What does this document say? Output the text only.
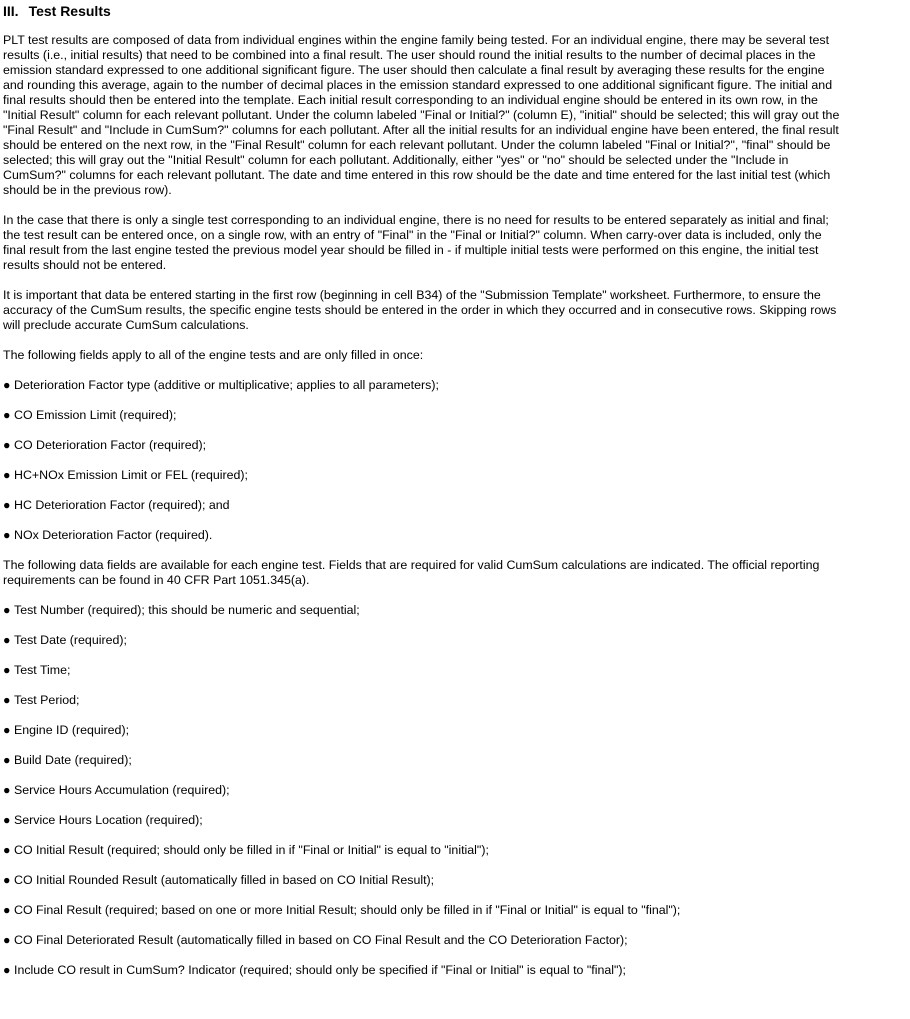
III. Test Results
PLT test results are composed of data from individual engines within the engine family being tested. For an individual engine, there may be several test
results (i.e., initial results) that need to be combined into a final result. The user should round the initial results to the number of decimal places in the
emission standard expressed to one additional significant figure. The user should then calculate a final result by averaging these results for the engine
and rounding this average, again to the number of decimal places in the emission standard expressed to one additional significant figure. The initial and
final results should then be entered into the template. Each initial result corresponding to an individual engine should be entered in its own row, in the
"Initial Result" column for each relevant pollutant. Under the column labeled "Final or Initial?" (column E), "initial" should be selected; this will gray out the
"Final Result" and "Include in CumSum?" columns for each pollutant. After all the initial results for an individual engine have been entered, the final result
should be entered on the next row, in the "Final Result" column for each relevant pollutant. Under the column labeled "Final or Initial?", "final" should be
selected; this will gray out the "Initial Result" column for each pollutant. Additionally, either "yes" or "no" should be selected under the "Include in
CumSum?" columns for each relevant pollutant. The date and time entered in this row should be the date and time entered for the last initial test (which
should be in the previous row).
In the case that there is only a single test corresponding to an individual engine, there is no need for results to be entered separately as initial and final;
the test result can be entered once, on a single row, with an entry of "Final" in the "Final or Initial?" column. When carry-over data is included, only the
final result from the last engine tested the previous model year should be filled in - if multiple initial tests were performed on this engine, the initial test
results should not be entered.
It is important that data be entered starting in the first row (beginning in cell B34) of the "Submission Template" worksheet. Furthermore, to ensure the
accuracy of the CumSum results, the specific engine tests should be entered in the order in which they occurred and in consecutive rows. Skipping rows
will preclude accurate CumSum calculations.
The following fields apply to all of the engine tests and are only filled in once:
● Deterioration Factor type (additive or multiplicative; applies to all parameters);
● CO Emission Limit (required);
● CO Deterioration Factor (required);
● HC+NOx Emission Limit or FEL (required);
● HC Deterioration Factor (required); and
● NOx Deterioration Factor (required).
The following data fields are available for each engine test. Fields that are required for valid CumSum calculations are indicated. The official reporting
requirements can be found in 40 CFR Part 1051.345(a).
● Test Number (required); this should be numeric and sequential;
● Test Date (required);
● Test Time;
● Test Period;
● Engine ID (required);
● Build Date (required);
● Service Hours Accumulation (required);
● Service Hours Location (required);
● CO Initial Result (required; should only be filled in if "Final or Initial" is equal to "initial");
● CO Initial Rounded Result (automatically filled in based on CO Initial Result);
● CO Final Result (required; based on one or more Initial Result; should only be filled in if "Final or Initial" is equal to "final");
● CO Final Deteriorated Result (automatically filled in based on CO Final Result and the CO Deterioration Factor);
● Include CO result in CumSum? Indicator (required; should only be specified if "Final or Initial" is equal to "final");
